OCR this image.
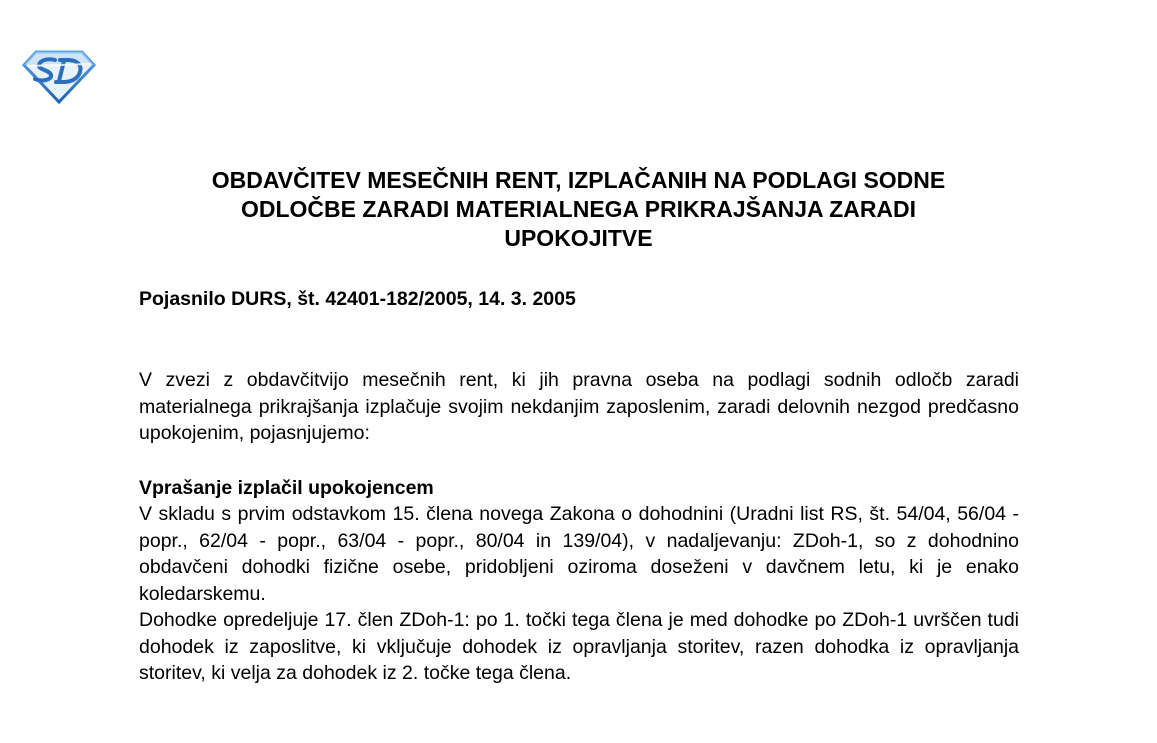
OBDAVČITEV MESEČNIH RENT, IZPLAČANIH NA PODLAGI SODNE
ODLOČBE ZARADI MATERIALNEGA PRIKRAJŠANJA ZARADI
UPOKOJITVE
Pojasnilo DURS, št. 42401-182/2005, 14. 3. 2005
V zvezi z obdavčitvijo mesečnih rent, ki jih pravna oseba na podlagi sodnih odločb zaradi materialnega prikrajšanja izplačuje svojim nekdanjim zaposlenim, zaradi delovnih nezgod predčasno upokojenim, pojasnjujemo:
Vprašanje izplačil upokojencem
V skladu s prvim odstavkom 15. člena novega Zakona o dohodnini (Uradni list RS, št. 54/04, 56/04 - popr., 62/04 - popr., 63/04 - popr., 80/04 in 139/04), v nadaljevanju: ZDoh-1, so z dohodnino obdavčeni dohodki fizične osebe, pridobljeni oziroma doseženi v davčnem letu, ki je enako koledarskemu.
Dohodke opredeljuje 17. člen ZDoh-1: po 1. točki tega člena je med dohodke po ZDoh-1 uvrščen tudi dohodek iz zaposlitve, ki vključuje dohodek iz opravljanja storitev, razen dohodka iz opravljanja storitev, ki velja za dohodek iz 2. točke tega člena.
